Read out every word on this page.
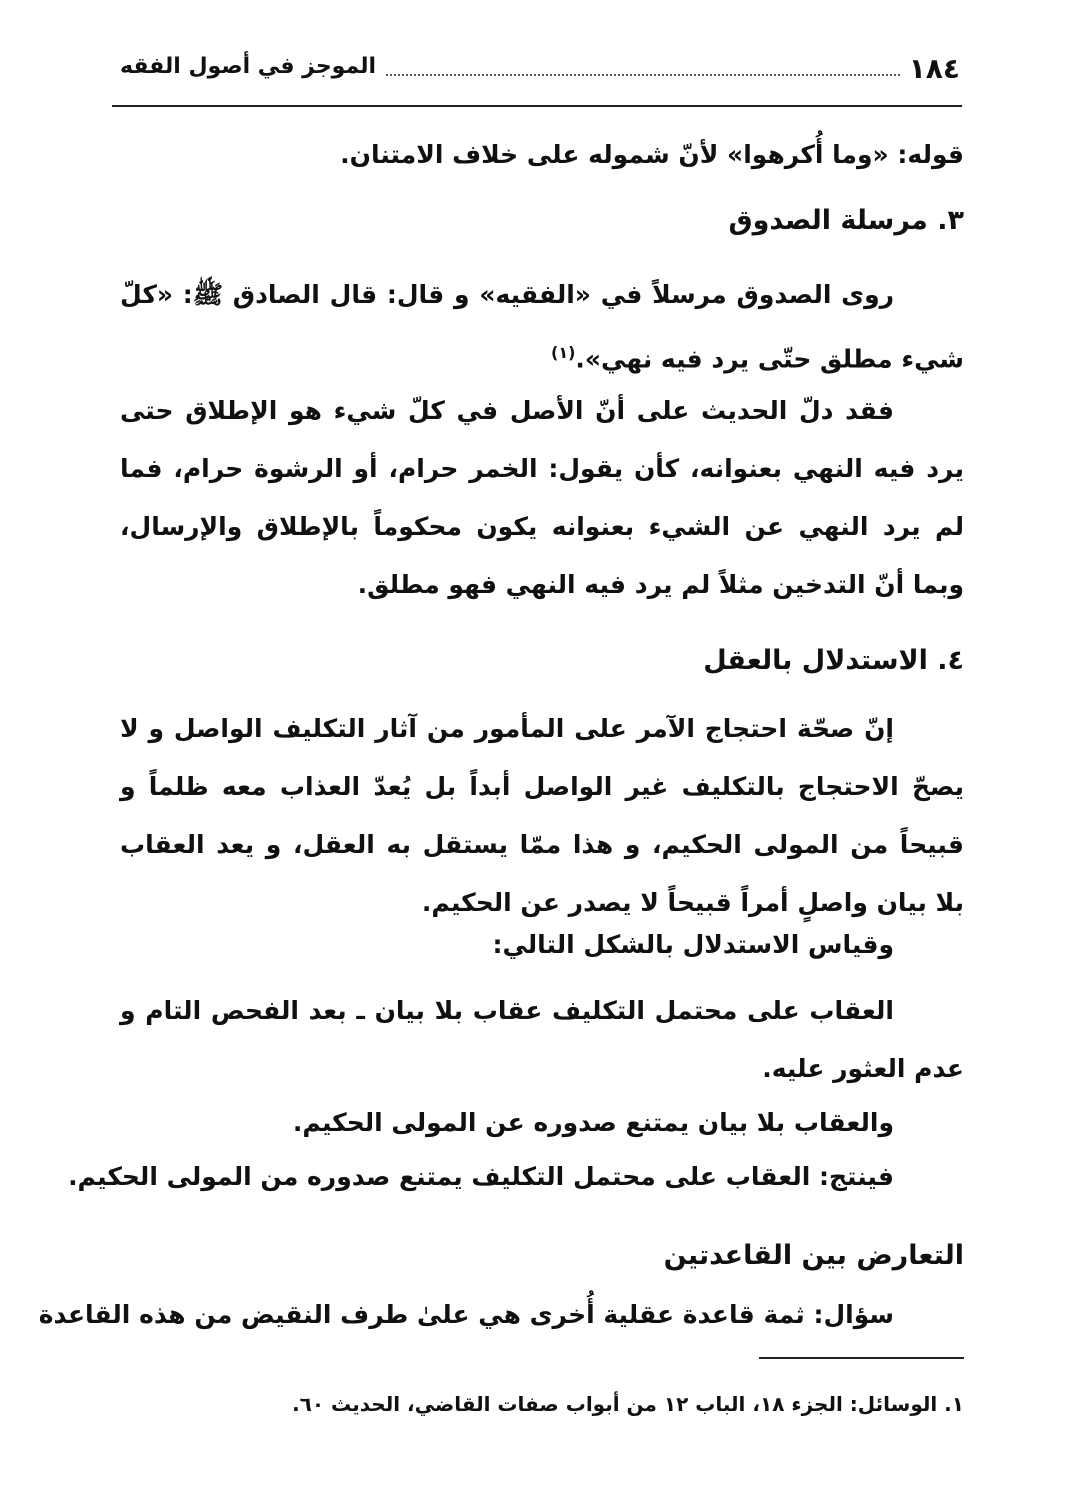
١٨٤
الموجز في أصول الفقه

قوله: «وما أُكرهوا» لأنّ شموله على خلاف الامتنان.

٣. مرسلة الصدوق

روى الصدوق مرسلاً في «الفقيه» و قال: قال الصادق ﷺ: «كلّ شيء مطلق حتّى يرد فيه نهي».$^{(١)}$

فقد دلّ الحديث على أنّ الأصل في كلّ شيء هو الإطلاق حتى يرد فيه النهي بعنوانه، كأن يقول: الخمر حرام، أو الرشوة حرام، فما لم يرد النهي عن الشيء بعنوانه يكون محكوماً بالإطلاق والإرسال، وبما أنّ التدخين مثلاً لم يرد فيه النهي فهو مطلق.

٤. الاستدلال بالعقل

إنّ صحّة احتجاج الآمر على المأمور من آثار التكليف الواصل و لا يصحّ الاحتجاج بالتكليف غير الواصل أبداً بل يُعدّ العذاب معه ظلماً و قبيحاً من المولى الحكيم، و هذا ممّا يستقل به العقل، و يعد العقاب بلا بيان واصلٍ أمراً قبيحاً لا يصدر عن الحكيم.

وقياس الاستدلال بالشكل التالي:

العقاب على محتمل التكليف عقاب بلا بيان ـ بعد الفحص التام و عدم العثور عليه.

والعقاب بلا بيان يمتنع صدوره عن المولى الحكيم.

فينتج: العقاب على محتمل التكليف يمتنع صدوره من المولى الحكيم.

التعارض بين القاعدتين

سؤال: ثمة قاعدة عقلية أُخرى هي علىٰ طرف النقيض من هذه القاعدة

١. الوسائل: الجزء ١٨، الباب ١٢ من أبواب صفات القاضي، الحديث ٦٠.
